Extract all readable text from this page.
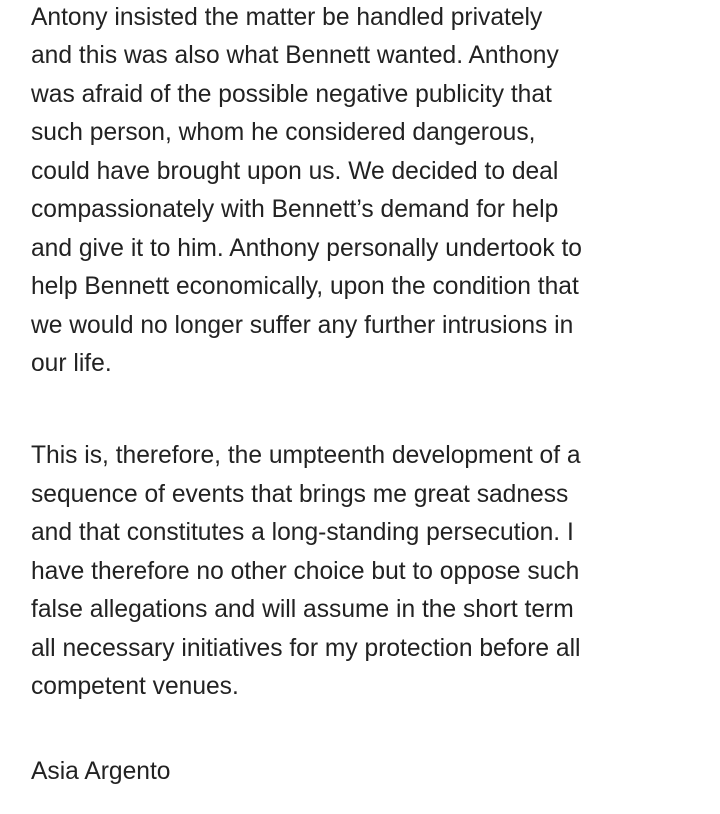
Antony insisted the matter be handled privately
and this was also what Bennett wanted. Anthony
was afraid of the possible negative publicity that
such person, whom he considered dangerous,
could have brought upon us. We decided to deal
compassionately with Bennett’s demand for help
and give it to him. Anthony personally undertook to
help Bennett economically, upon the condition that
we would no longer suffer any further intrusions in
our life.
This is, therefore, the umpteenth development of a
sequence of events that brings me great sadness
and that constitutes a long-standing persecution. I
have therefore no other choice but to oppose such
false allegations and will assume in the short term
all necessary initiatives for my protection before all
competent venues.
Asia Argento
